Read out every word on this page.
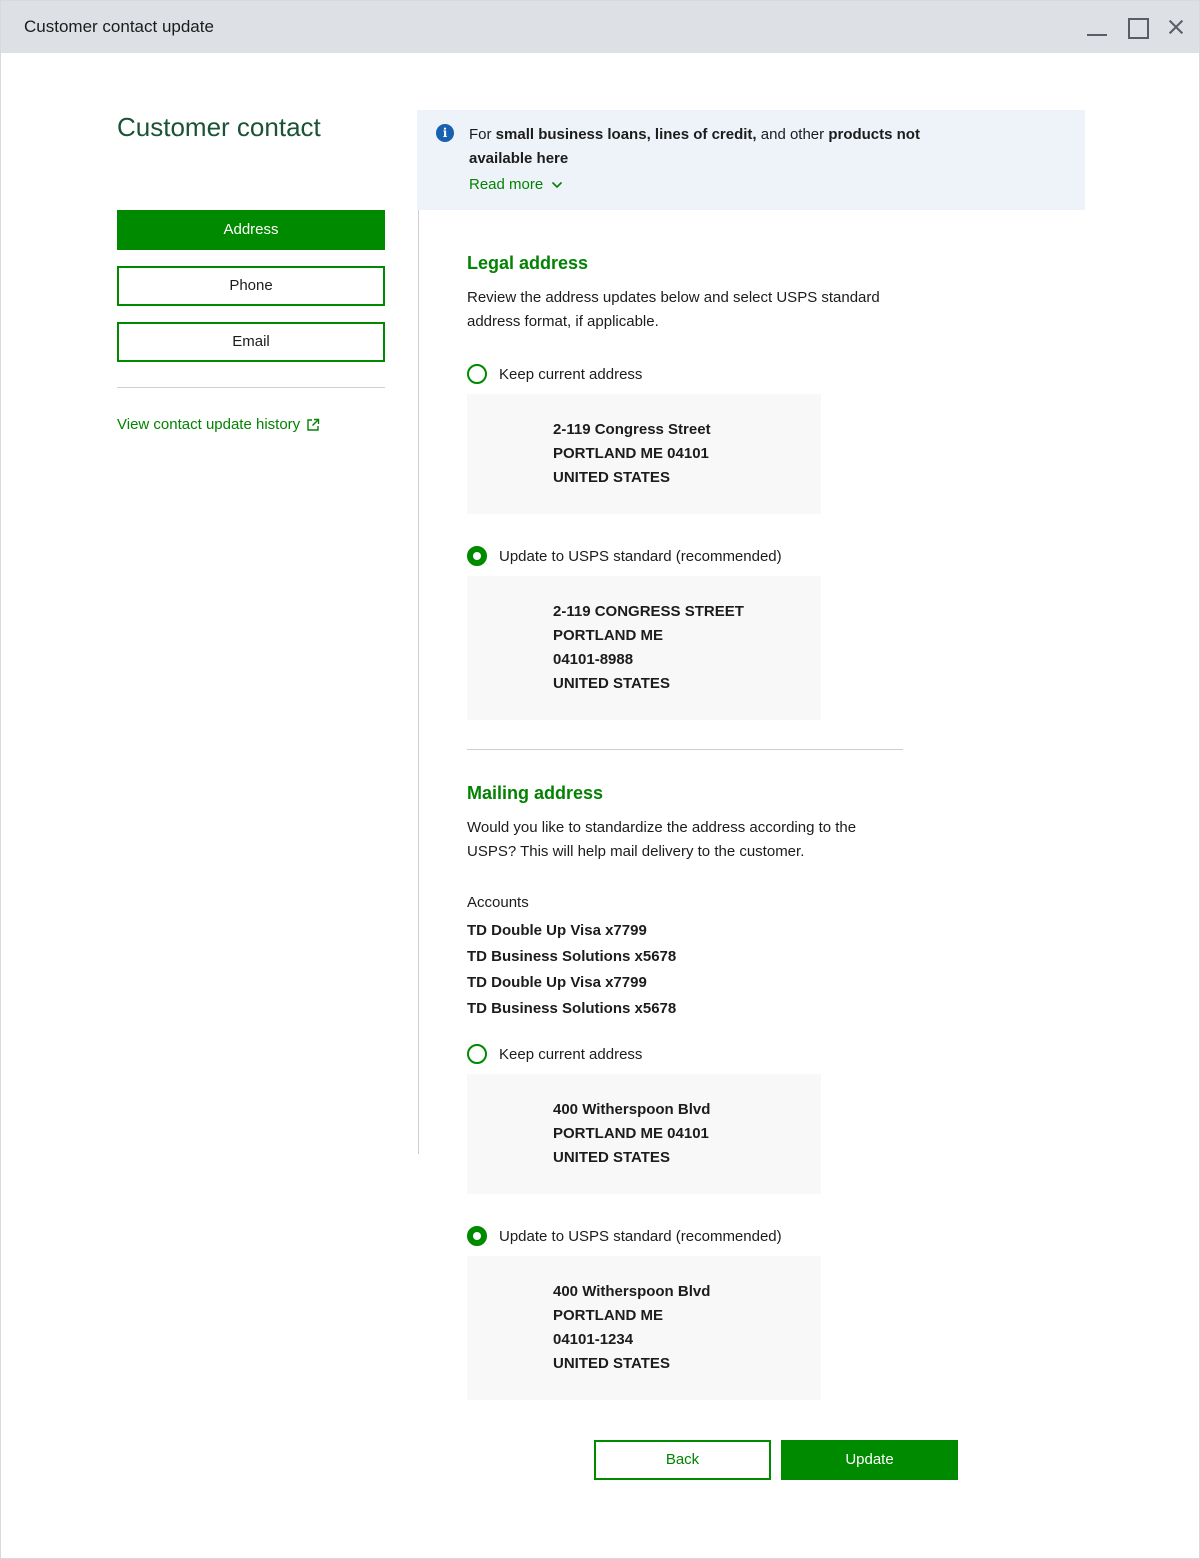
Customer contact update
Customer contact
Address
Phone
Email
View contact update history
i	For small business loans, lines of credit, and other products not available here
Read more
Legal address

Review the address updates below and select USPS standard address format, if applicable.

Keep current address
2-119 Congress Street
PORTLAND ME 04101
UNITED STATES
Update to USPS standard (recommended)
2-119 CONGRESS STREET
PORTLAND ME
04101-8988
UNITED STATES
Mailing address

Would you like to standardize the address according to the USPS? This will help mail delivery to the customer.

Accounts
TD Double Up Visa x7799
TD Business Solutions x5678
TD Double Up Visa x7799
TD Business Solutions x5678
Keep current address
400 Witherspoon Blvd
PORTLAND ME 04101
UNITED STATES
Update to USPS standard (recommended)
400 Witherspoon Blvd
PORTLAND ME
04101-1234
UNITED STATES
Back	Update
